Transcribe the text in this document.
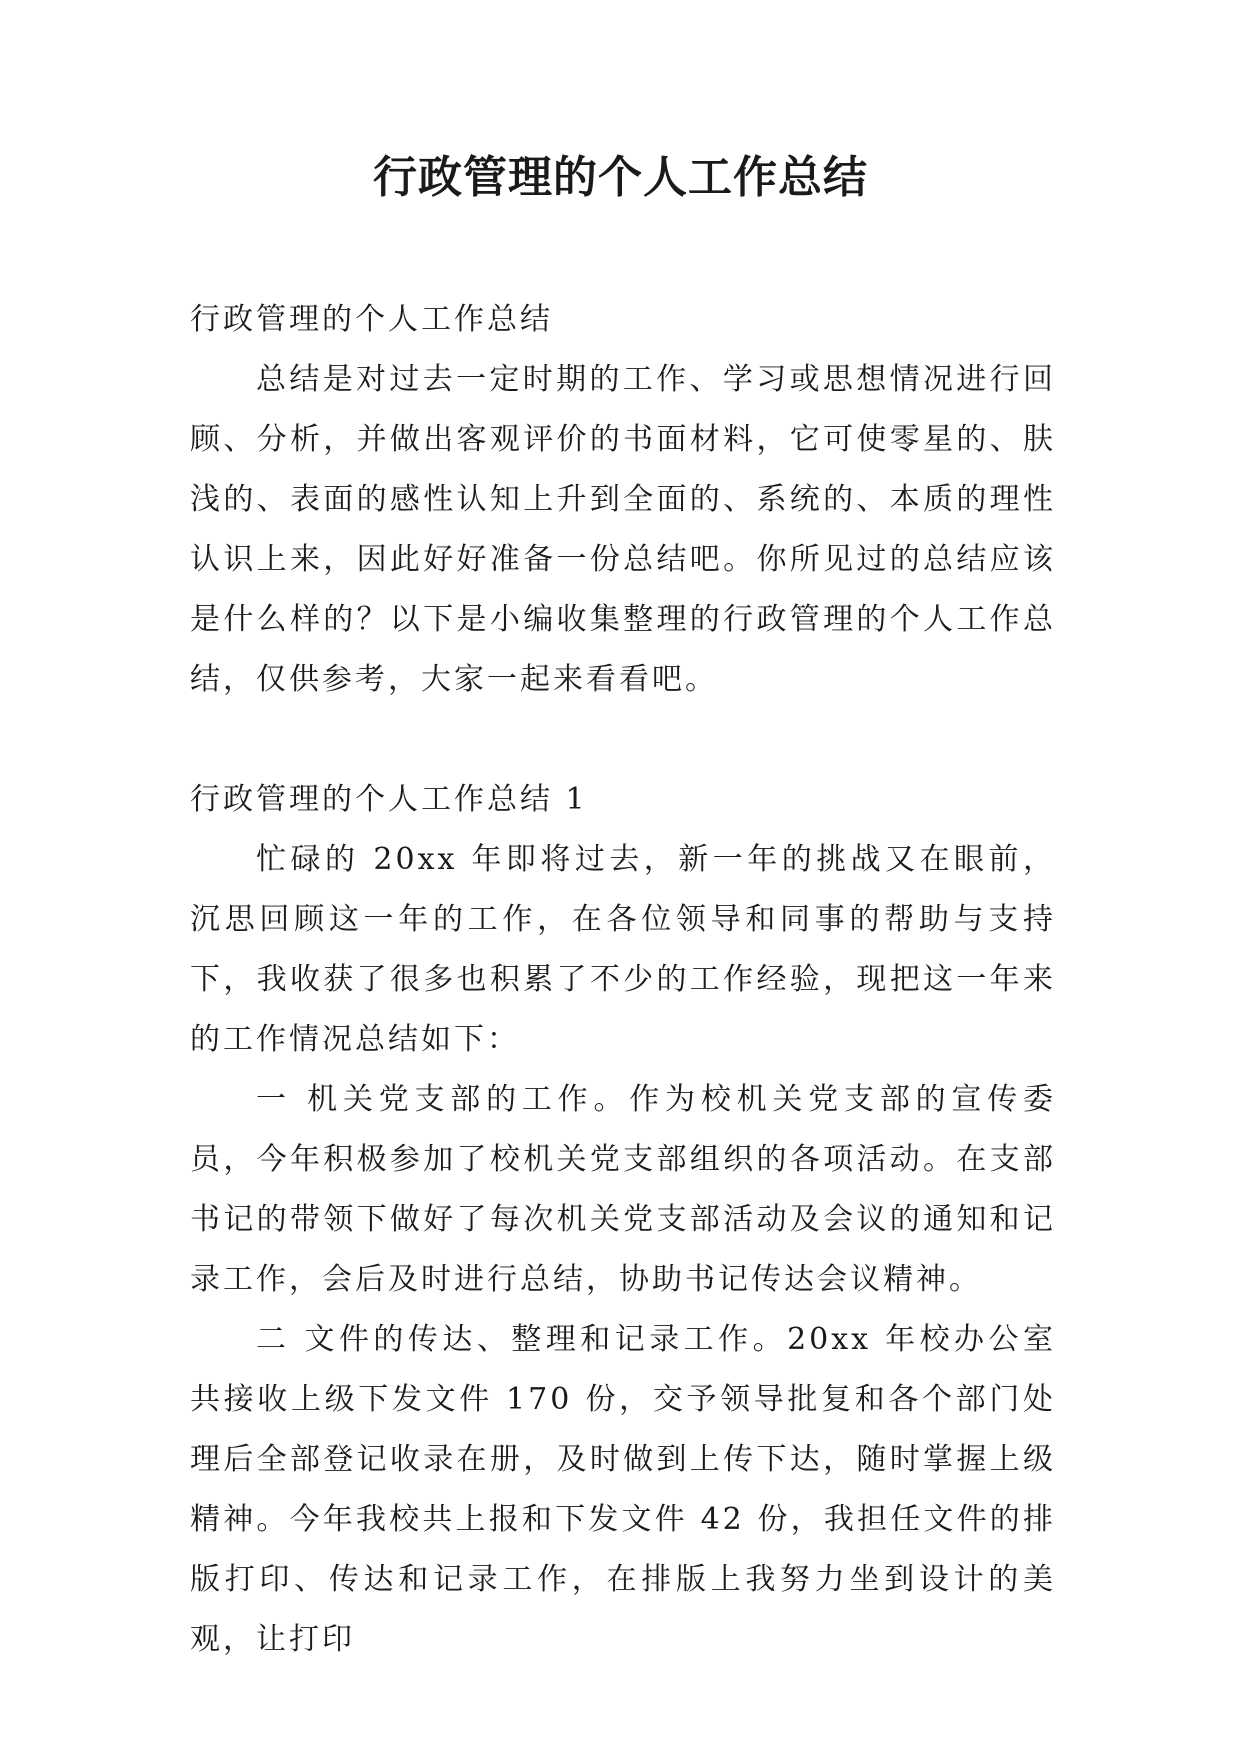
行政管理的个人工作总结

行政管理的个人工作总结

总结是对过去一定时期的工作、学习或思想情况进行回顾、分析，并做出客观评价的书面材料，它可使零星的、肤浅的、表面的感性认知上升到全面的、系统的、本质的理性认识上来，因此好好准备一份总结吧。你所见过的总结应该是什么样的？以下是小编收集整理的行政管理的个人工作总结，仅供参考，大家一起来看看吧。

行政管理的个人工作总结 1

忙碌的 20xx 年即将过去，新一年的挑战又在眼前，沉思回顾这一年的工作，在各位领导和同事的帮助与支持下，我收获了很多也积累了不少的工作经验，现把这一年来的工作情况总结如下：

一 机关党支部的工作。作为校机关党支部的宣传委员，今年积极参加了校机关党支部组织的各项活动。在支部书记的带领下做好了每次机关党支部活动及会议的通知和记录工作，会后及时进行总结，协助书记传达会议精神。

二 文件的传达、整理和记录工作。20xx 年校办公室共接收上级下发文件 170 份，交予领导批复和各个部门处理后全部登记收录在册，及时做到上传下达，随时掌握上级精神。今年我校共上报和下发文件 42 份，我担任文件的排版打印、传达和记录工作，在排版上我努力坐到设计的美观，让打印
